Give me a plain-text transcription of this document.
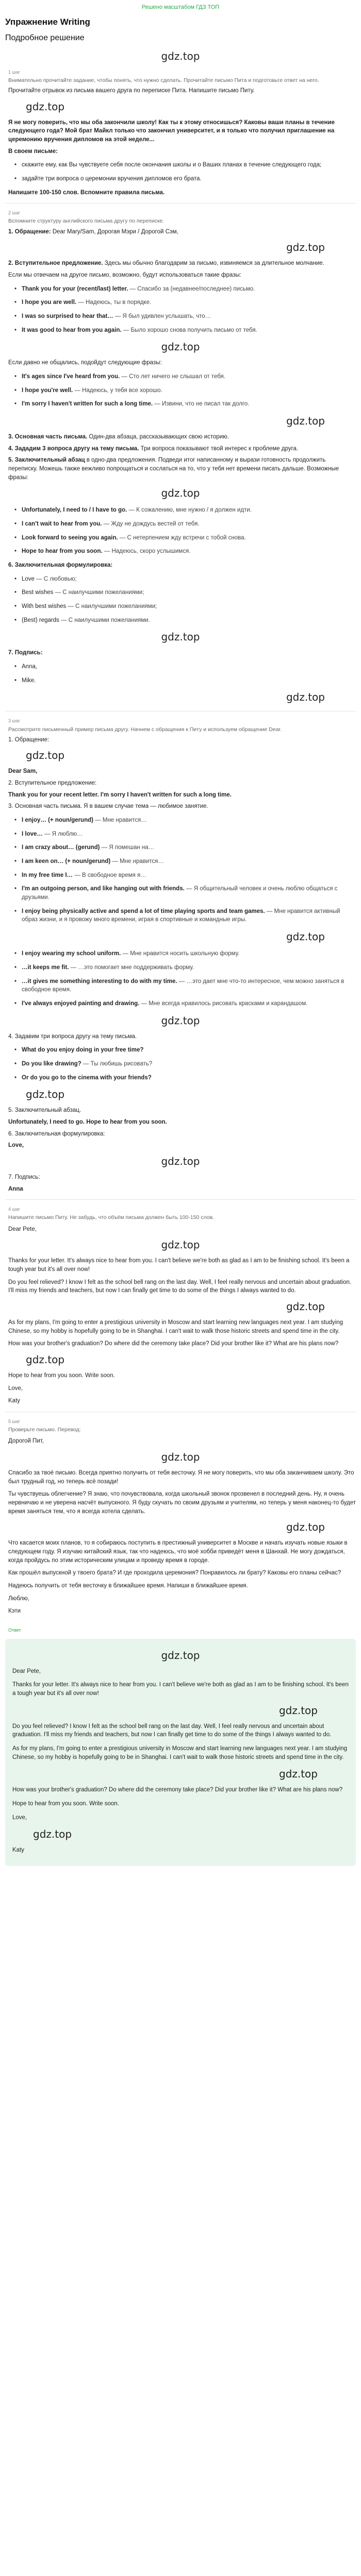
Решено масштабом ГДЗ ТОП
Упражнение Writing
Подробное решение
gdz.top
1 шаг
Внимательно прочитайте задание, чтобы понять, что нужно сделать. Прочитайте письмо Пита и подготовьте ответ на него.

Прочитайте отрывок из письма вашего друга по переписке Пита. Напишите письмо Питу.

gdz.top

Я не могу поверить, что мы оба закончили школу! Как ты к этому относишься? Каковы ваши планы в течение следующего года? Мой брат Майкл только что закончил университет, и я только что получил приглашение на церемонию вручения дипломов на этой неделе...

В своем письме:

• скажите ему, как Вы чувствуете себя после окончания школы и о Ваших планах в течение следующего года;
• задайте три вопроса о церемонии вручения дипломов его брата.

Напишите 100-150 слов. Вспомните правила письма.

2 шаг
Вспомните структуру английского письма другу по переписке.

1. Обращение: Dear Mary/Sam, Дорогая Мэри / Дорогой Сэм,

gdz.top

2. Вступительное предложение. Здесь мы обычно благодарим за письмо, извиняемся за длительное молчание.

Если мы отвечаем на другое письмо, возможно, будут использоваться такие фразы:

• Thank you for your (recent/last) letter. — Спасибо за (недавнее/последнее) письмо.
• I hope you are well. — Надеюсь, ты в порядке.
• I was so surprised to hear that… — Я был удивлен услышать, что…
• It was good to hear from you again. — Было хорошо снова получить письмо от тебя.
gdz.top

Если давно не общались, подойдут следующие фразы:

• It's ages since I've heard from you. — Сто лет ничего не слышал от тебя.
• I hope you're well. — Надеюсь, у тебя все хорошо.
• I'm sorry I haven't written for such a long time. — Извини, что не писал так долго.
gdz.top

3. Основная часть письма. Один-два абзаца, рассказывающих свою историю.

4. Зададим 3 вопроса другу на тему письма. Три вопроса показывают твой интерес к проблеме друга.

5. Заключительный абзац в одно-два предложения. Подведи итог написанному и вырази готовность продолжить переписку. Можешь также вежливо попрощаться и сослаться на то, что у тебя нет времени писать дальше. Возможные фразы:

gdz.top
• Unfortunately, I need to / I have to go. — К сожалению, мне нужно / я должен идти.
• I can't wait to hear from you. — Жду не дождусь вестей от тебя.
• Look forward to seeing you again. — С нетерпением жду встречи с тобой снова.
• Hope to hear from you soon. — Надеюсь, скоро услышимся.

6. Заключительная формулировка:

• Love — С любовью;
• Best wishes — С наилучшими пожеланиями;
• With best wishes — С наилучшими пожеланиями;
• (Best) regards — С наилучшими пожеланиями.
gdz.top

7. Подпись:

• Anna,
• Mike.
gdz.top
3 шаг
Рассмотрите письменный пример письма другу. Начнем с обращения к Питу и используем обращение Dear.

1. Обращение:

gdz.top

Dear Sam,

2. Вступительное предложение:

Thank you for your recent letter. I'm sorry I haven't written for such a long time.

3. Основная часть письма. Я в вашем случае тема — любимое занятие.

• I enjoy… (+ noun/gerund) — Мне нравится…
• I love… — Я люблю…
• I am crazy about… (gerund) — Я помешан на…
• I am keen on… (+ noun/gerund) — Мне нравится…
• In my free time I… — В свободное время я…
• I'm an outgoing person, and like hanging out with friends. — Я общительный человек и очень люблю общаться с друзьями.
• I enjoy being physically active and spend a lot of time playing sports and team games. — Мне нравится активный образ жизни, и я провожу много времени, играя в спортивные и командные игры.
gdz.top
• I enjoy wearing my school uniform. — Мне нравится носить школьную форму.
• …it keeps me fit. — …это помогает мне поддерживать форму.
• …it gives me something interesting to do with my time. — …это дает мне что-то интересное, чем можно заняться в свободное время.
• I've always enjoyed painting and drawing. — Мне всегда нравилось рисовать красками и карандашом.
gdz.top

4. Задавим три вопроса другу на тему письма.

• What do you enjoy doing in your free time?
• Do you like drawing? — Ты любишь рисовать?
• Or do you go to the cinema with your friends?
gdz.top

5. Заключительный абзац.

Unfortunately, I need to go. Hope to hear from you soon.

6. Заключительная формулировка:

Love,

gdz.top

7. Подпись:

Anna

4 шаг
Напишите письмо Питу. Не забудь, что объём письма должен быть 100-150 слов.

Dear Pete,

gdz.top

Thanks for your letter. It's always nice to hear from you. I can't believe we're both as glad as I am to be finishing school. It's been a tough year but it's all over now!

Do you feel relieved? I know I felt as the school bell rang on the last day. Well, I feel really nervous and uncertain about graduation. I'll miss my friends and teachers, but now I can finally get time to do some of the things I always wanted to do.

gdz.top

As for my plans, I'm going to enter a prestigious university in Moscow and start learning new languages next year. I am studying Chinese, so my hobby is hopefully going to be in Shanghai. I can't wait to walk those historic streets and spend time in the city.

How was your brother's graduation? Do where did the ceremony take place? Did your brother like it? What are his plans now?

gdz.top

Hope to hear from you soon. Write soon.

Love,

Katy

5 шаг
Проверьте письмо. Перевод:

Дорогой Пит,

gdz.top

Спасибо за твоё письмо. Всегда приятно получить от тебя весточку. Я не могу поверить, что мы оба заканчиваем школу. Это был трудный год, но теперь всё позади!

Ты чувствуешь облегчение? Я знаю, что почувствовала, когда школьный звонок прозвенел в последний день. Ну, я очень нервничаю и не уверена насчёт выпускного. Я буду скучать по своим друзьям и учителям, но теперь у меня наконец-то будет время заняться тем, что я всегда хотела сделать.

gdz.top

Что касается моих планов, то я собираюсь поступить в престижный университет в Москве и начать изучать новые языки в следующем году. Я изучаю китайский язык, так что надеюсь, что моё хобби приведёт меня в Шанхай. Не могу дождаться, когда пройдусь по этим историческим улицам и проведу время в городе.

Как прошёл выпускной у твоего брата? И где проходила церемония? Понравилось ли брату? Каковы его планы сейчас?

Надеюсь получить от тебя весточку в ближайшее время. Напиши в ближайшее время.

Люблю,

Кэти

Ответ
gdz.top

Dear Pete,

Thanks for your letter. It's always nice to hear from you. I can't believe we're both as glad as I am to be finishing school. It's been a tough year but it's all over now!

gdz.top

Do you feel relieved? I know I felt as the school bell rang on the last day. Well, I feel really nervous and uncertain about graduation. I'll miss my friends and teachers, but now I can finally get time to do some of the things I always wanted to do.

As for my plans, I'm going to enter a prestigious university in Moscow and start learning new languages next year. I am studying Chinese, so my hobby is hopefully going to be in Shanghai. I can't wait to walk those historic streets and spend time in the city.

gdz.top

How was your brother's graduation? Do where did the ceremony take place? Did your brother like it? What are his plans now?

Hope to hear from you soon. Write soon.

Love,

gdz.top

Katy
